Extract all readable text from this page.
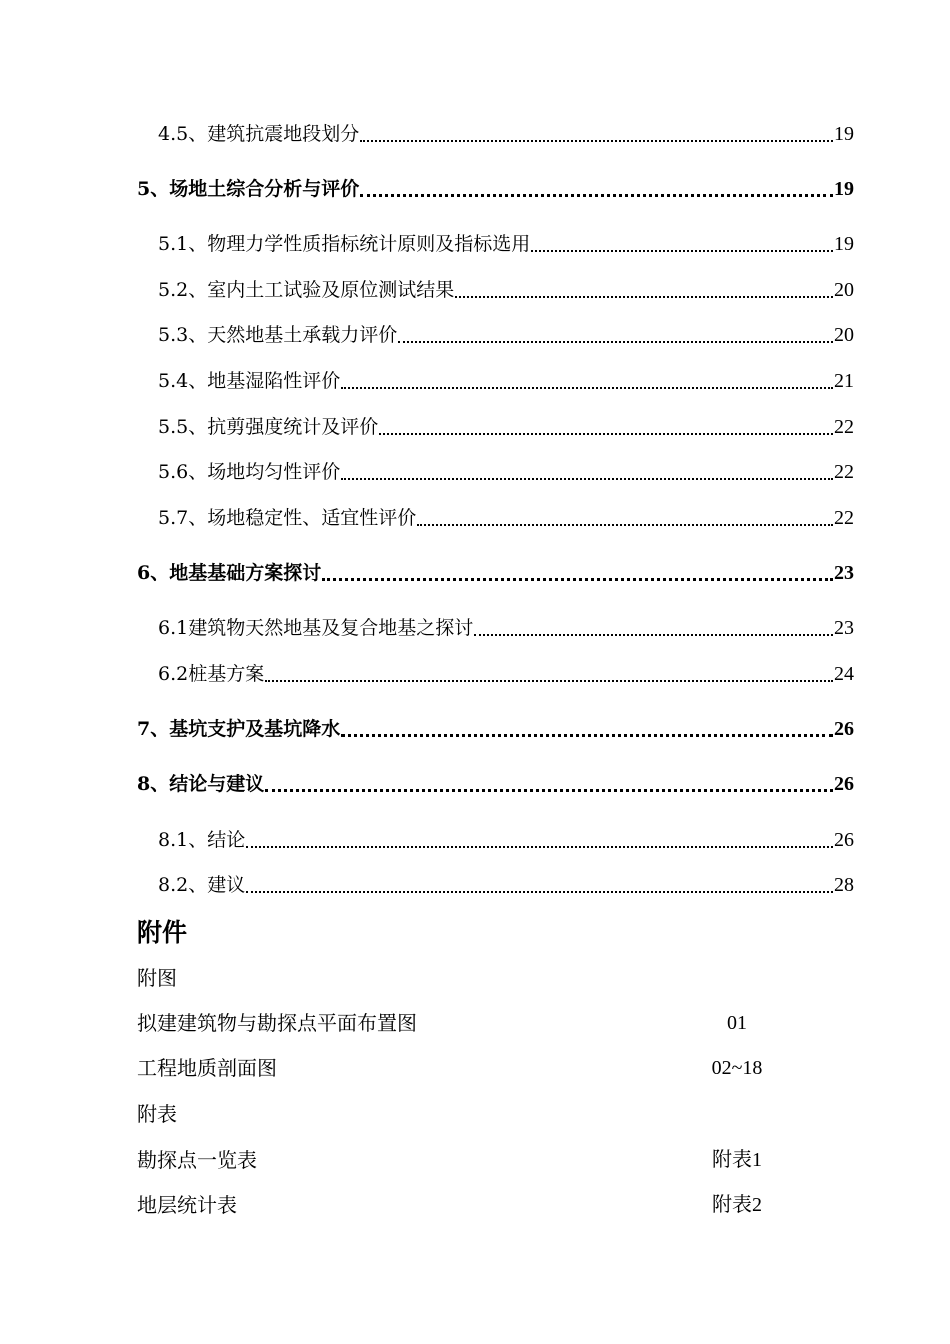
4.5、建筑抗震地段划分	19
5、场地土综合分析与评价	19
5.1、物理力学性质指标统计原则及指标选用	19
5.2、室内土工试验及原位测试结果	20
5.3、天然地基土承载力评价	20
5.4、地基湿陷性评价	21
5.5、抗剪强度统计及评价	22
5.6、场地均匀性评价	22
5.7、场地稳定性、适宜性评价	22
6、地基基础方案探讨	23
6.1建筑物天然地基及复合地基之探讨	23
6.2桩基方案	24
7、基坑支护及基坑降水	26
8、结论与建议	26
8.1、结论	26
8.2、建议	28
附件
附图
拟建建筑物与勘探点平面布置图	01
工程地质剖面图	02~18
附表
勘探点一览表	附表1
地层统计表	附表2
